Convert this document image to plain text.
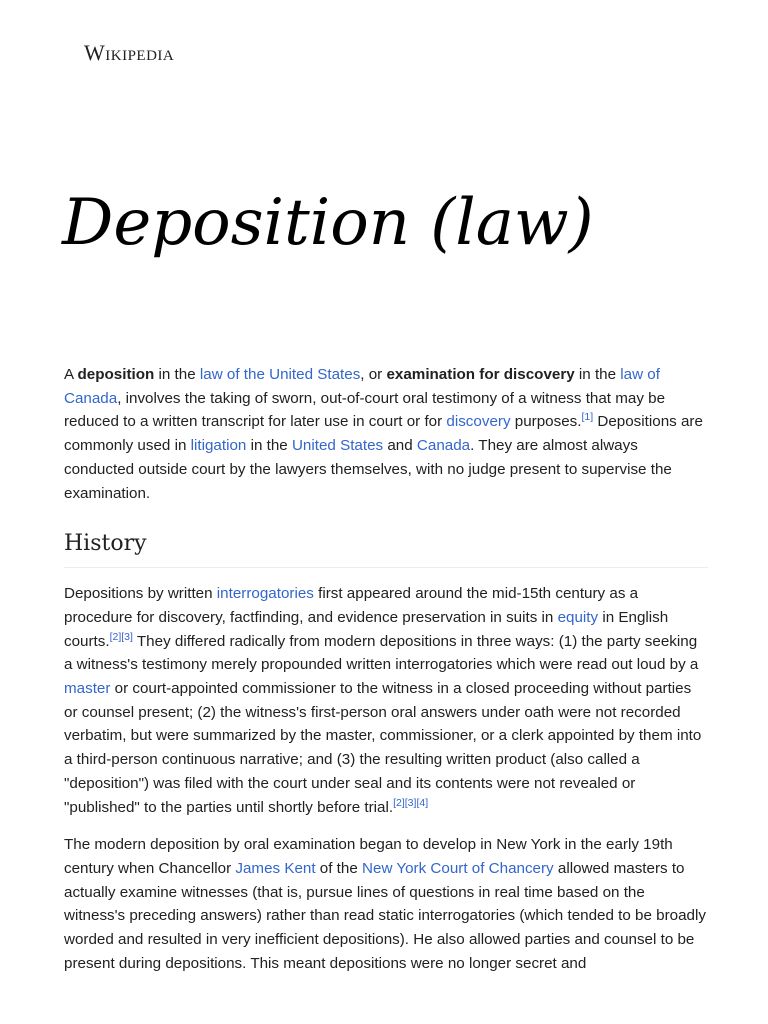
Wikipedia
Deposition (law)

A deposition in the law of the United States, or examination for discovery in the law of Canada, involves the taking of sworn, out-of-court oral testimony of a witness that may be reduced to a written transcript for later use in court or for discovery purposes.[1] Depositions are commonly used in litigation in the United States and Canada. They are almost always conducted outside court by the lawyers themselves, with no judge present to supervise the examination.

History

Depositions by written interrogatories first appeared around the mid-15th century as a procedure for discovery, factfinding, and evidence preservation in suits in equity in English courts.[2][3] They differed radically from modern depositions in three ways: (1) the party seeking a witness's testimony merely propounded written interrogatories which were read out loud by a master or court-appointed commissioner to the witness in a closed proceeding without parties or counsel present; (2) the witness's first-person oral answers under oath were not recorded verbatim, but were summarized by the master, commissioner, or a clerk appointed by them into a third-person continuous narrative; and (3) the resulting written product (also called a "deposition") was filed with the court under seal and its contents were not revealed or "published" to the parties until shortly before trial.[2][3][4]

The modern deposition by oral examination began to develop in New York in the early 19th century when Chancellor James Kent of the New York Court of Chancery allowed masters to actually examine witnesses (that is, pursue lines of questions in real time based on the witness's preceding answers) rather than read static interrogatories (which tended to be broadly worded and resulted in very inefficient depositions). He also allowed parties and counsel to be present during depositions. This meant depositions were no longer secret and
